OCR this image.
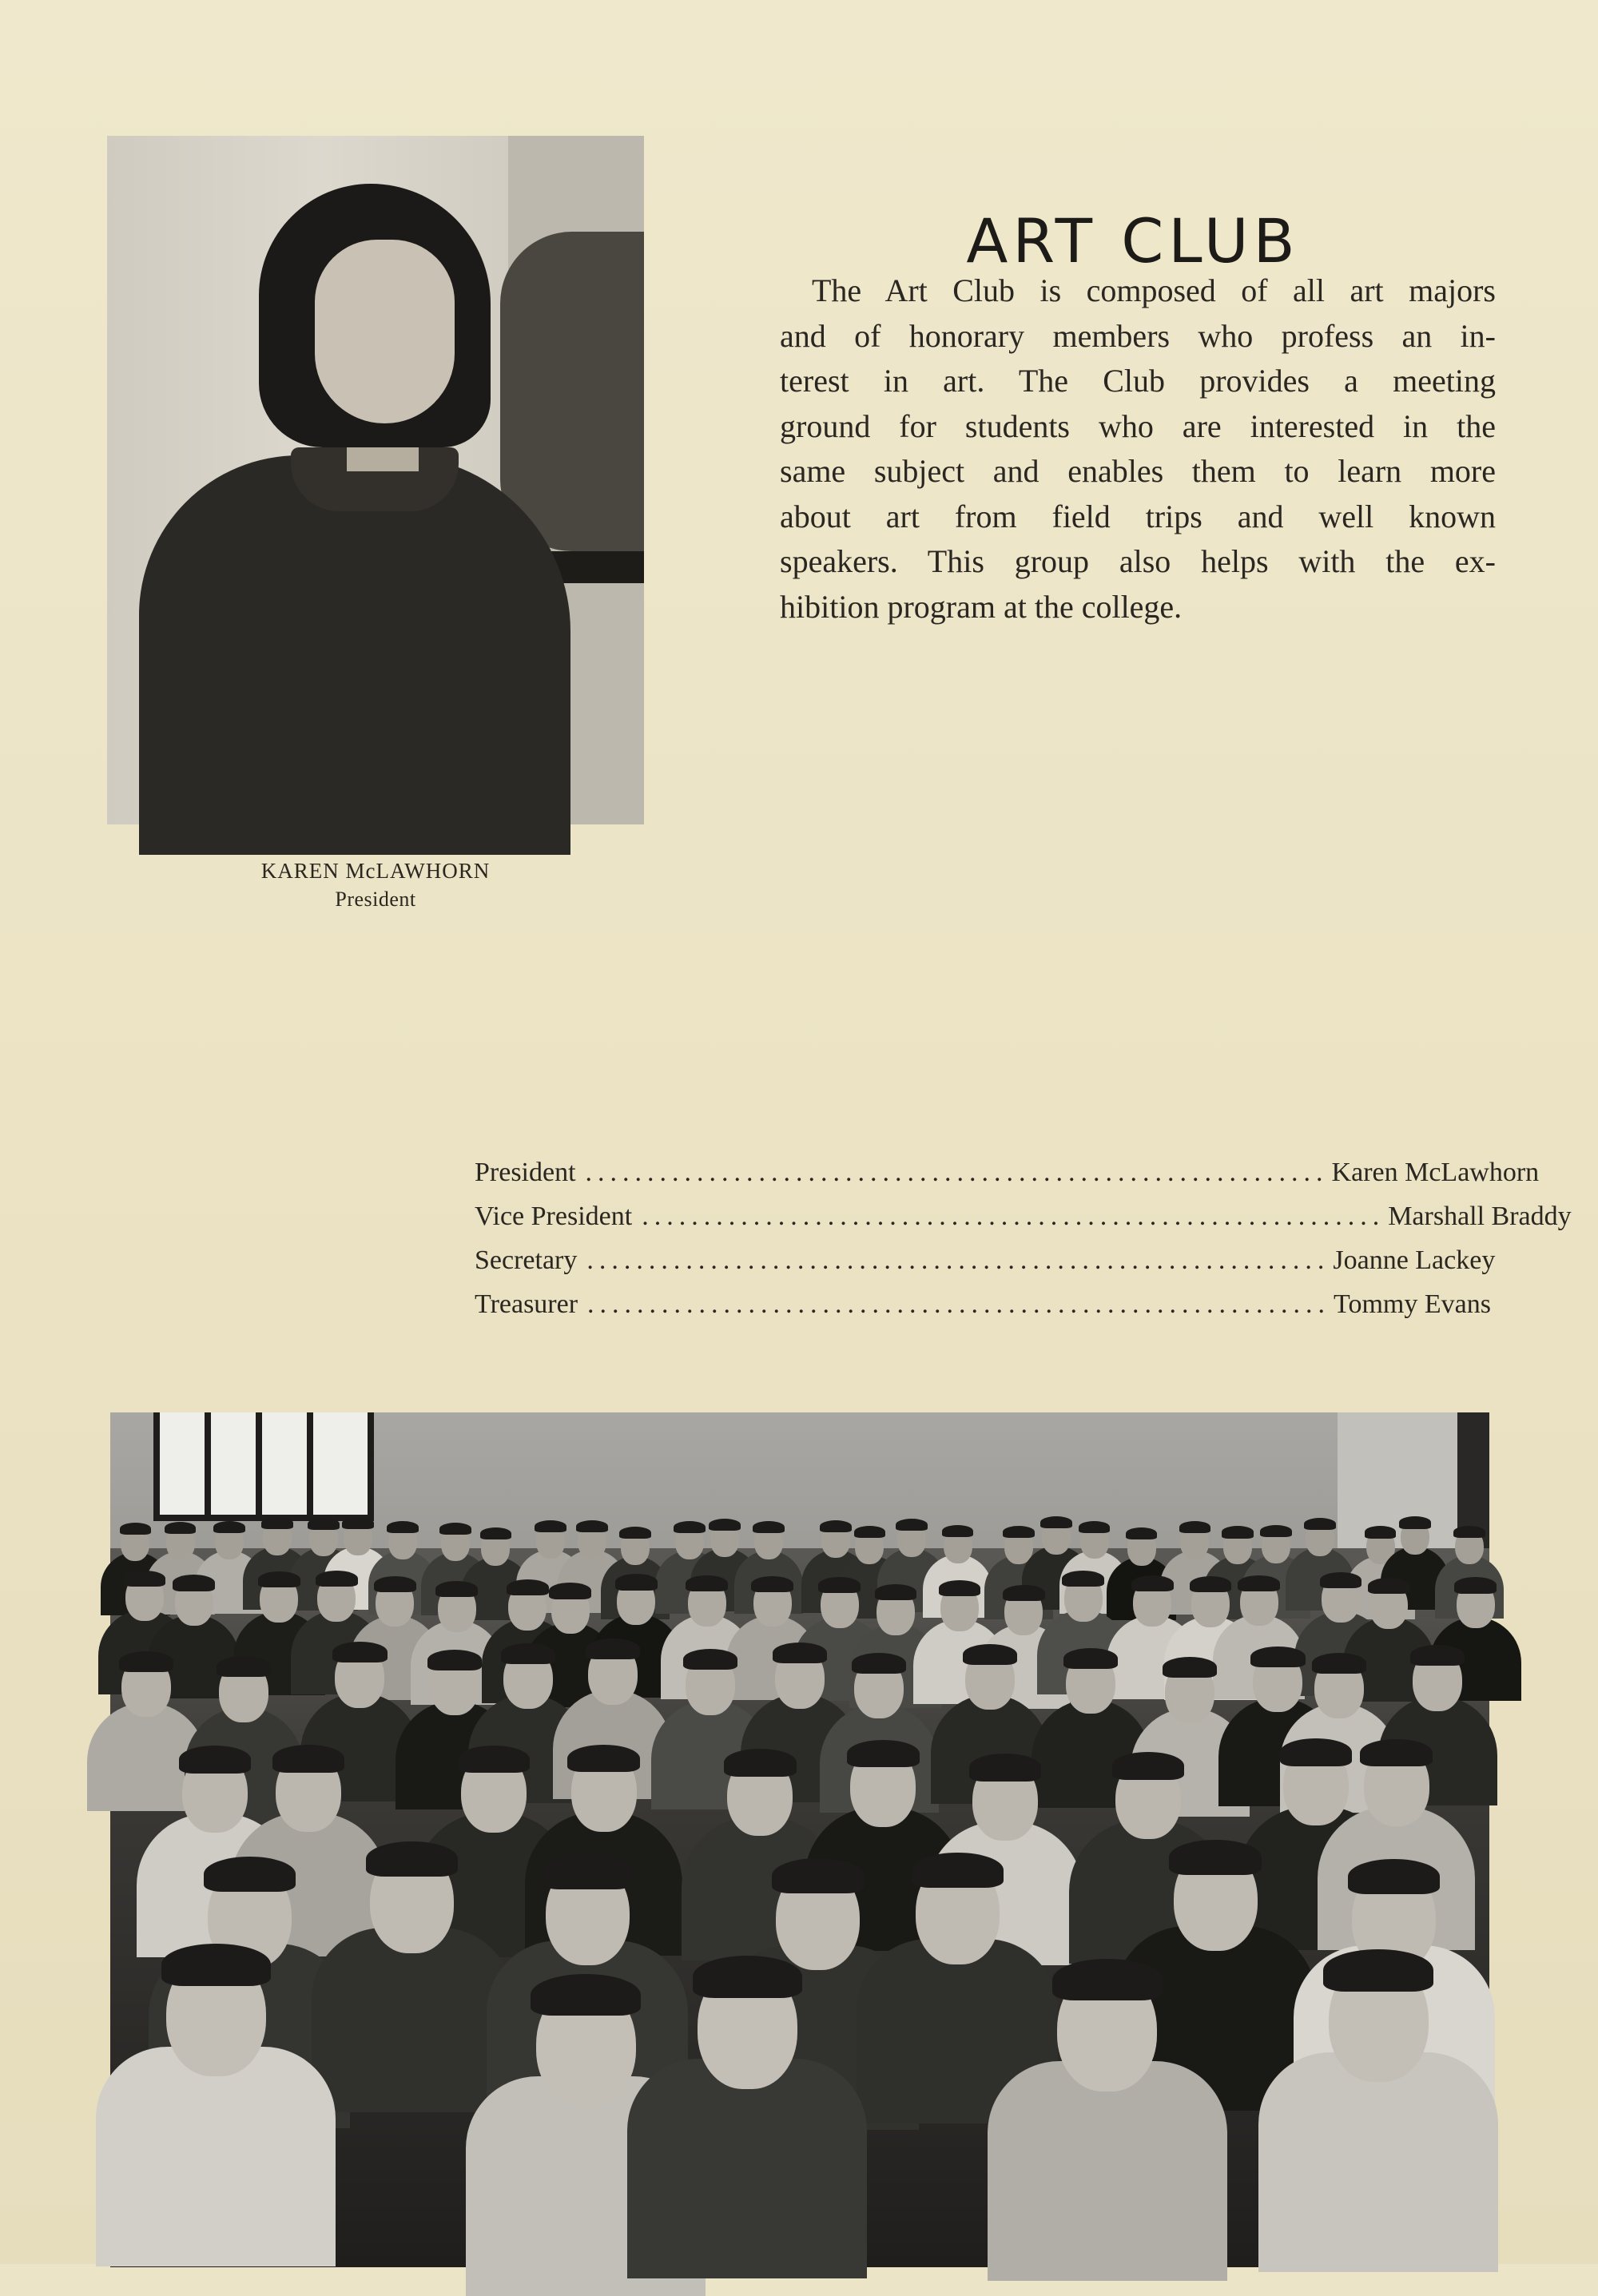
KAREN McLAWHORN
President
ART CLUB
The Art Club is composed of all art majors
and of honorary members who profess an in-
terest in art. The Club provides a meeting
ground for students who are interested in the
same subject and enables them to learn more
about art from field trips and well known
speakers. This group also helps with the ex-
hibition program at the college.
President ............................................................ Karen McLawhorn
Vice President ............................................................ Marshall Braddy
Secretary ............................................................ Joanne Lackey
Treasurer ............................................................ Tommy Evans
